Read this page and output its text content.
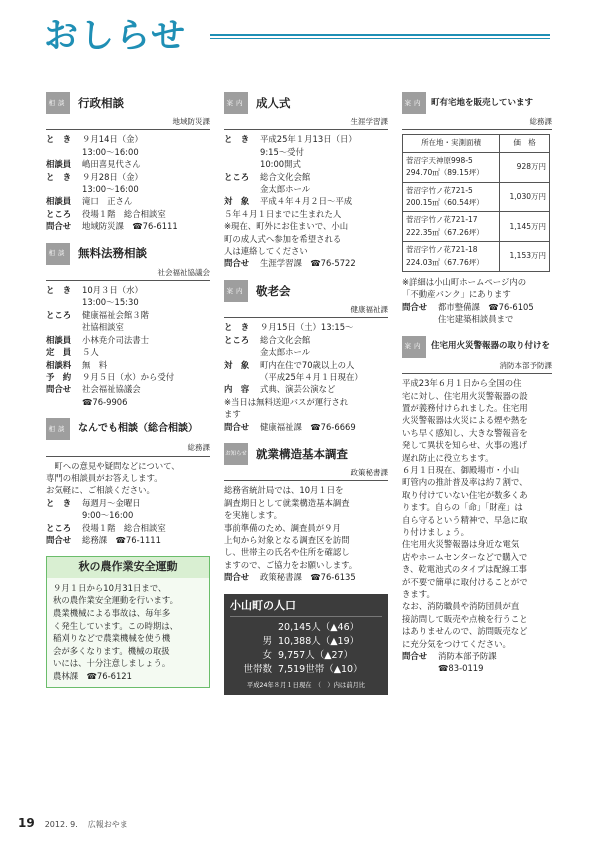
おしらせ
相談 行政相談
地域防災課
と　き	９月14日（金）
13:00～16:00
相談員	嶋田喜見代さん
と　き	９月28日（金）
13:00～16:00
相談員	滝口　正さん
ところ	役場１階　総合相談室
問合せ	地域防災課　☎76-6111
相談 無料法務相談
社会福祉協議会
と　き	10月３日（水）
13:00～15:30
ところ	健康福祉会館３階
社協相談室
相談員	小林尭介司法書士
定　員	５人
相談料	無　料
予　約	９月５日（水）から受付
問合せ	社会福祉協議会
☎76-9906
相談 なんでも相談（総合相談）
総務課
町への意見や疑問などについて、
専門の相談員がお答えします。
お気軽に、ご相談ください。
と　き	毎週月～金曜日
9:00～16:00
ところ	役場１階　総合相談室
問合せ	総務課　☎76-1111
秋の農作業安全運動
９月１日から10月31日まで、
秋の農作業安全運動を行います。
農業機械による事故は、毎年多
く発生しています。この時期は、
稲刈りなどで農業機械を使う機
会が多くなります。機械の取扱
いには、十分注意しましょう。
農林課　☎76-6121
案内 成人式
生涯学習課
と　き	平成25年１月13日（日）
9:15～受付
10:00開式
ところ	総合文化会館
金太郎ホール
対　象	平成４年４月２日～平成
５年４月１日までに生まれた人
※現在、町外にお住まいで、小山
町の成人式へ参加を希望される
人は連絡してください
問合せ	生涯学習課　☎76-5722
案内 敬老会
健康福祉課
と　き	９月15日（土）13:15～
ところ	総合文化会館
金太郎ホール
対　象	町内在住で70歳以上の人
（平成25年４月１日現在）
内　容	式典、演芸公演など
※当日は無料送迎バスが運行され
ます
問合せ	健康福祉課　☎76-6669
お知らせ 就業構造基本調査
政策秘書課
総務省統計局では、10月１日を
調査期日として就業構造基本調査
を実施します。
事前準備のため、調査員が９月
上旬から対象となる調査区を訪問
し、世帯主の氏名や住所を確認し
ますので、ご協力をお願いします。
問合せ	政策秘書課　☎76-6135
小山町の人口
20,145人（▲46）
男 10,388人（▲19）
女 9,757人（▲27）
世帯数 7,519世帯（▲10）
平成24年８月１日現在　（　）内は前月比
案内 町有宅地を販売しています
総務課
所在地・実測面積	価　格

菅沼字天神原998-5
294.70㎡（89.15坪）	928万円

菅沼字竹ノ花721-5
200.15㎡（60.54坪）	1,030万円

菅沼字竹ノ花721-17
222.35㎡（67.26坪）	1,145万円

菅沼字竹ノ花721-18
224.03㎡（67.76坪）	1,153万円
※詳細は小山町ホームページ内の
「不動産バンク」にあります
問合せ	都市整備課　☎76-6105
住宅建築相談員まで
案内 住宅用火災警報器の取り付けを
消防本部予防課
平成23年６月１日から全国の住
宅に対し、住宅用火災警報器の設
置が義務付けられました。住宅用
火災警報器は火災による煙や熱を
いち早く感知し、大きな警報音を
発して異状を知らせ、火事の逃げ
遅れ防止に役立ちます。
６月１日現在、御殿場市・小山
町管内の推計普及率は約７割で、
取り付けていない住宅が数多くあ
ります。自らの「命」「財産」は
自ら守るという精神で、早急に取
り付けましょう。
住宅用火災警報器は身近な電気
店やホームセンターなどで購入で
き、乾電池式のタイプは配線工事
が不要で簡単に取付けることがで
きます。
なお、消防職員や消防団員が直
接訪問して販売や点検を行うこと
はありませんので、訪問販売など
に充分気をつけてください。
問合せ	消防本部予防課
☎83-0119
19 2012. 9. 広報おやま
